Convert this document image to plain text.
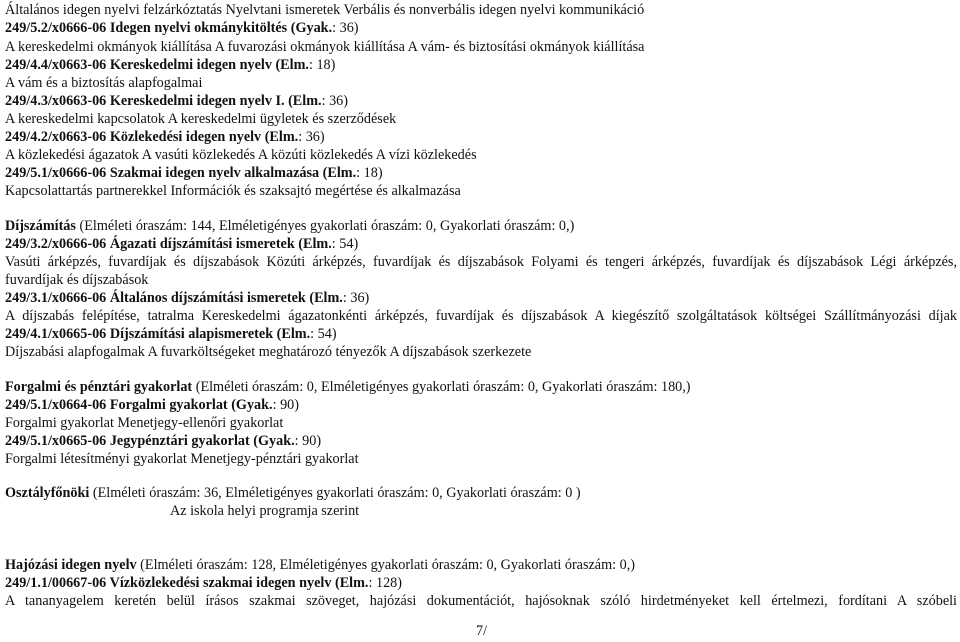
Általános idegen nyelvi felzárkóztatás Nyelvtani ismeretek Verbális és nonverbális idegen nyelvi kommunikáció
249/5.2/x0666-06 Idegen nyelvi okmánykitöltés (Gyak.: 36)
A kereskedelmi okmányok kiállítása A fuvarozási okmányok kiállítása A vám- és biztosítási okmányok kiállítása
249/4.4/x0663-06 Kereskedelmi idegen nyelv (Elm.: 18)
A vám és a biztosítás alapfogalmai
249/4.3/x0663-06 Kereskedelmi idegen nyelv I. (Elm.: 36)
A kereskedelmi kapcsolatok A kereskedelmi ügyletek és szerződések
249/4.2/x0663-06 Közlekedési idegen nyelv (Elm.: 36)
A közlekedési ágazatok A vasúti közlekedés A közúti közlekedés A vízi közlekedés
249/5.1/x0666-06 Szakmai idegen nyelv alkalmazása (Elm.: 18)
Kapcsolattartás partnerekkel Információk és szaksajtó megértése és alkalmazása
Díjszámítás (Elméleti óraszám: 144, Elméletigényes gyakorlati óraszám: 0, Gyakorlati óraszám: 0,)
249/3.2/x0666-06 Ágazati díjszámítási ismeretek (Elm.: 54)
Vasúti árképzés, fuvardíjak és díjszabások Közúti árképzés, fuvardíjak és díjszabások Folyami és tengeri árképzés, fuvardíjak és díjszabások Légi árképzés,
fuvardíjak és díjszabások
249/3.1/x0666-06 Általános díjszámítási ismeretek (Elm.: 36)
A díjszabás felépítése, tatralma Kereskedelmi ágazatonkénti árképzés, fuvardíjak és díjszabások A kiegészítő szolgáltatások költségei Szállítmányozási díjak
249/4.1/x0665-06 Díjszámítási alapismeretek (Elm.: 54)
Díjszabási alapfogalmak A fuvarköltségeket meghatározó tényezők A díjszabások szerkezete
Forgalmi és pénztári gyakorlat (Elméleti óraszám: 0, Elméletigényes gyakorlati óraszám: 0, Gyakorlati óraszám: 180,)
249/5.1/x0664-06 Forgalmi gyakorlat (Gyak.: 90)
Forgalmi gyakorlat Menetjegy-ellenőri gyakorlat
249/5.1/x0665-06 Jegypénztári gyakorlat (Gyak.: 90)
Forgalmi létesítményi gyakorlat Menetjegy-pénztári gyakorlat
Osztályfőnöki (Elméleti óraszám: 36, Elméletigényes gyakorlati óraszám: 0, Gyakorlati óraszám: 0 )
Az iskola helyi programja szerint
Hajózási idegen nyelv (Elméleti óraszám: 128, Elméletigényes gyakorlati óraszám: 0, Gyakorlati óraszám: 0,)
249/1.1/00667-06 Vízközlekedési szakmai idegen nyelv (Elm.: 128)
A tananyagelem keretén belül írásos szakmai szöveget, hajózási dokumentációt, hajósoknak szóló hirdetményeket kell értelmezi, fordítani A szóbeli
7/
